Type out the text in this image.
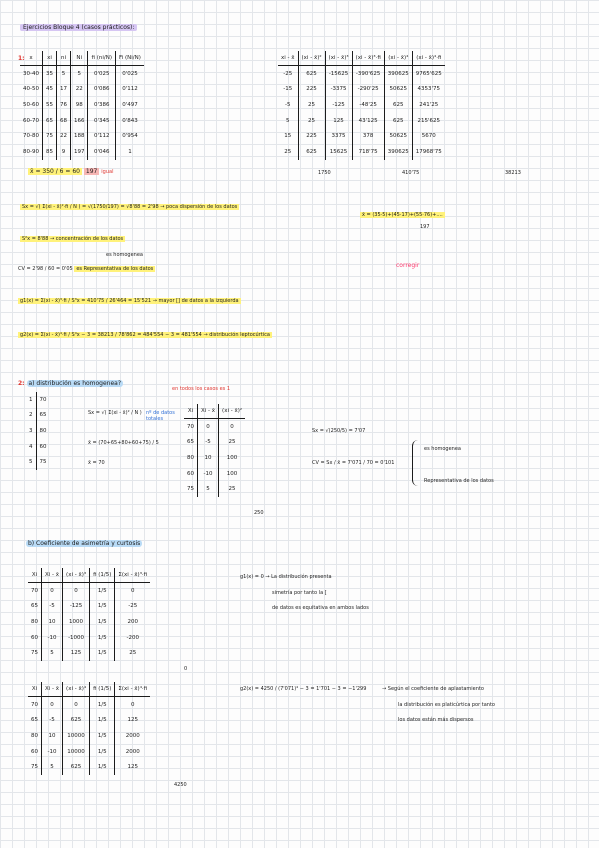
Ejercicios Bloque 4 (casos prácticos):
1: x	xi	ni	Ni	fi (ni/N)	Fi (Ni/N)
30-40	35	5	5	0'025	0'025
40-50	45	17	22	0'086	0'112
50-60	55	76	98	0'386	0'497
60-70	65	68	166	0'345	0'843
70-80	75	22	188	0'112	0'954
80-90	85	9	197	0'046	1
xi - x̄	(xi - x̄)²	(xi - x̄)³	(xi - x̄)³·fi	(xi - x̄)⁴	(xi - x̄)⁴·fi
-25	625	-15625	-390'625	390625	9765'625
-15	225	-3375	-290'25	50625	4353'75
-5	25	-125	-48'25	625	241'25
5	25	125	43'125	625	215'625
15	225	3375	378	50625	5670
25	625	15625	718'75	390625	17968'75
1750	410'75	38213
x̄ = 350 / 6 = 60 197 igual
Sx = √( Σ(xi - x̄)²·fi / N ) = √(1750/197) = √8'88 = 2'98 → poca dispersión de los datos
x̄ = (35·5)+(45·17)+(55·76)+....
197
S²x = 8'88 → concentración de los datos
es homogenea
CV = 2'98 / 60 = 0'05 es Representativa de los datos	corregir
g1(x) = Σ(xi - x̄)³·fi / S³x = 410'75 / 26'464 = 15'521 → mayor [] de datos a la izquierda
g2(x) = Σ(xi - x̄)⁴·fi / S⁴x − 3 = 38213 / 78'862 = 484'554 − 3 = 481'554 → distribución leptocúrtica
2: a) distribución es homogenea?
en todos los casos es 1
nº de datos totales
1	70
2	65
3	80
4	60
5	75
Sx = √( Σ(xi - x̄)² / N )
x̄ = (70+65+80+60+75) / 5
x̄ = 70
Xi	Xi - x̄	(xi - x̄)²
70	0	0
65	-5	25
80	10	100
60	-10	100
75	5	25
250
Sx = √(250/5) = 7'07
CV = Sx / x̄ = 7'071 / 70 = 0'101
es homogenea
Representativa de los datos
b) Coeficiente de asimetría y curtosis
Xi	Xi - x̄	(xi - x̄)³	fi (1/5)	Σ(xi - x̄)³·fi
70	0	0	1/5	0
65	-5	-125	1/5	-25
80	10	1000	1/5	200
60	-10	-1000	1/5	-200
75	5	125	1/5	25
0
g1(x) = 0 → La distribución presenta
simetría por tanto la [
de datos es equitativa en ambos lados
Xi	Xi - x̄	(xi - x̄)⁴	fi (1/5)	Σ(xi - x̄)⁴·fi
70	0	0	1/5	0
65	-5	625	1/5	125
80	10	10000	1/5	2000
60	-10	10000	1/5	2000
75	5	625	1/5	125
4250
g2(x) = 4250 / (7'071)⁴ − 3 = 1'701 − 3 = −1'299	→ Según el coeficiente de aplastamiento
la distribución es platicúrtica por tanto
los datos están más dispersos
